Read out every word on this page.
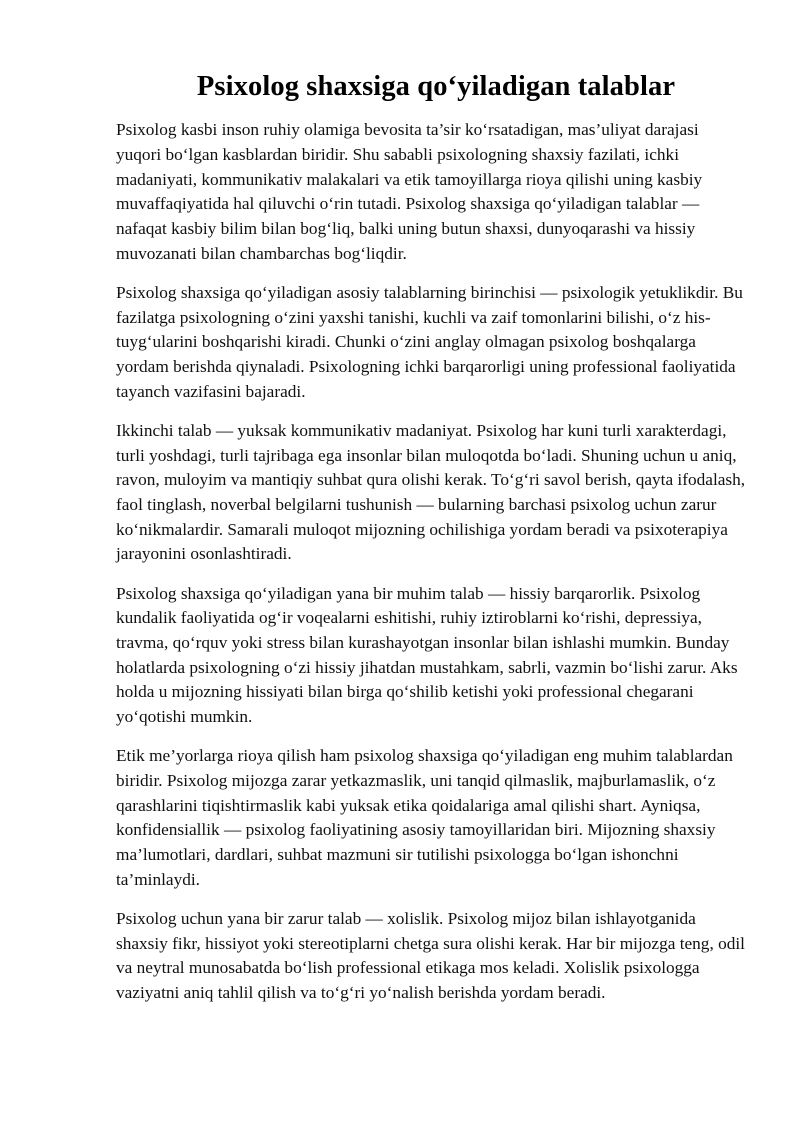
Psixolog shaxsiga qo‘yiladigan talablar

Psixolog kasbi inson ruhiy olamiga bevosita ta’sir ko‘rsatadigan, mas’uliyat darajasi yuqori bo‘lgan kasblardan biridir. Shu sababli psixologning shaxsiy fazilati, ichki madaniyati, kommunikativ malakalari va etik tamoyillarga rioya qilishi uning kasbiy muvaffaqiyatida hal qiluvchi o‘rin tutadi. Psixolog shaxsiga qo‘yiladigan talablar — nafaqat kasbiy bilim bilan bog‘liq, balki uning butun shaxsi, dunyoqarashi va hissiy muvozanati bilan chambarchas bog‘liqdir.

Psixolog shaxsiga qo‘yiladigan asosiy talablarning birinchisi — psixologik yetuklikdir. Bu fazilatga psixologning o‘zini yaxshi tanishi, kuchli va zaif tomonlarini bilishi, o‘z his-tuyg‘ularini boshqarishi kiradi. Chunki o‘zini anglay olmagan psixolog boshqalarga yordam berishda qiynaladi. Psixologning ichki barqarorligi uning professional faoliyatida tayanch vazifasini bajaradi.

Ikkinchi talab — yuksak kommunikativ madaniyat. Psixolog har kuni turli xarakterdagi, turli yoshdagi, turli tajribaga ega insonlar bilan muloqotda bo‘ladi. Shuning uchun u aniq, ravon, muloyim va mantiqiy suhbat qura olishi kerak. To‘g‘ri savol berish, qayta ifodalash, faol tinglash, noverbal belgilarni tushunish — bularning barchasi psixolog uchun zarur ko‘nikmalardir. Samarali muloqot mijozning ochilishiga yordam beradi va psixoterapiya jarayonini osonlashtiradi.

Psixolog shaxsiga qo‘yiladigan yana bir muhim talab — hissiy barqarorlik. Psixolog kundalik faoliyatida og‘ir voqealarni eshitishi, ruhiy iztiroblarni ko‘rishi, depressiya, travma, qo‘rquv yoki stress bilan kurashayotgan insonlar bilan ishlashi mumkin. Bunday holatlarda psixologning o‘zi hissiy jihatdan mustahkam, sabrli, vazmin bo‘lishi zarur. Aks holda u mijozning hissiyati bilan birga qo‘shilib ketishi yoki professional chegarani yo‘qotishi mumkin.

Etik me’yorlarga rioya qilish ham psixolog shaxsiga qo‘yiladigan eng muhim talablardan biridir. Psixolog mijozga zarar yetkazmaslik, uni tanqid qilmaslik, majburlamaslik, o‘z qarashlarini tiqishtirmaslik kabi yuksak etika qoidalariga amal qilishi shart. Ayniqsa, konfidensiallik — psixolog faoliyatining asosiy tamoyillaridan biri. Mijozning shaxsiy ma’lumotlari, dardlari, suhbat mazmuni sir tutilishi psixologga bo‘lgan ishonchni ta’minlaydi.

Psixolog uchun yana bir zarur talab — xolislik. Psixolog mijoz bilan ishlayotganida shaxsiy fikr, hissiyot yoki stereotiplarni chetga sura olishi kerak. Har bir mijozga teng, odil va neytral munosabatda bo‘lish professional etikaga mos keladi. Xolislik psixologga vaziyatni aniq tahlil qilish va to‘g‘ri yo‘nalish berishda yordam beradi.
